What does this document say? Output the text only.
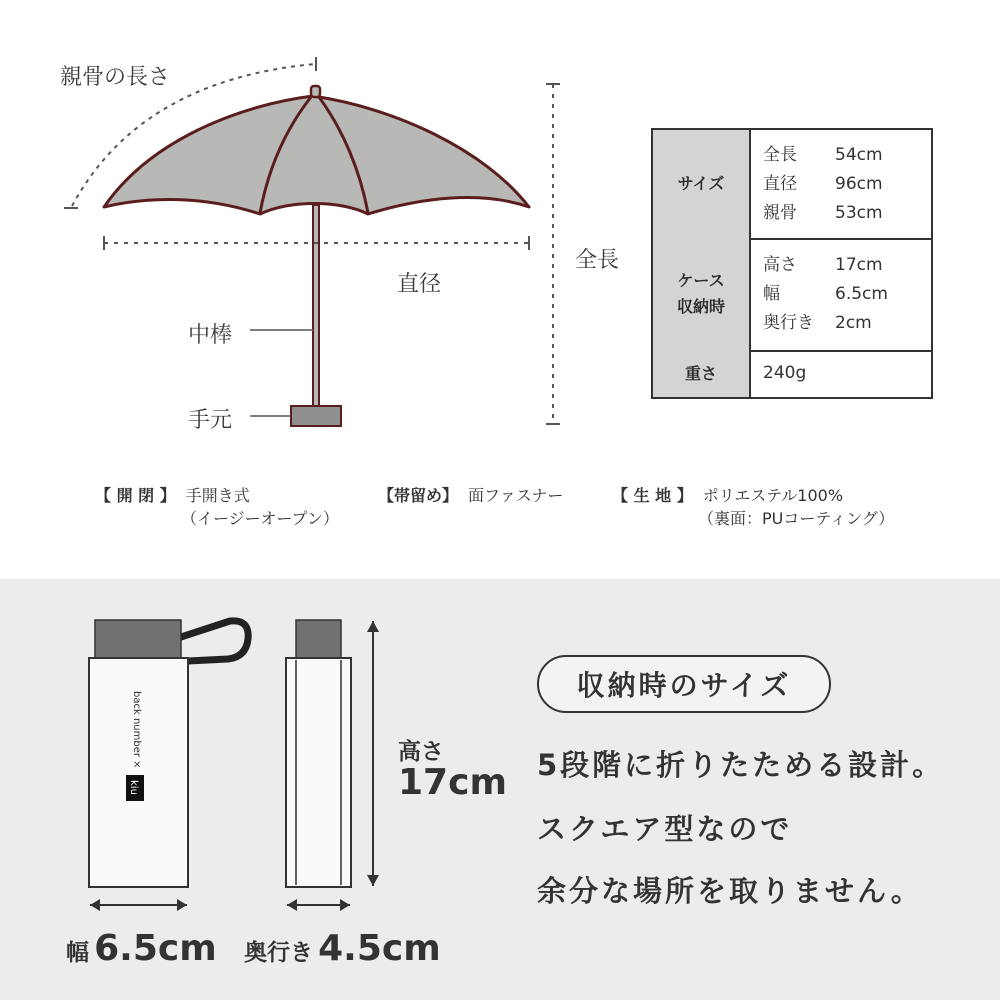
親骨の長さ
全長
直径
中棒
手元
サイズ
全長 54cm
直径 96cm
親骨 53cm
ケース
収納時
高さ 17cm
幅	6.5cm
奥行き 2cm
重さ	240g
【 開 閉 】 手開き式
（イージーオープン）
【帯留め】 面ファスナー	【 生 地 】 ポリエステル100%
（裏面：PUコーティング）
back number ×
kiu
高さ
17cm
幅 6.5cm 奥行き 4.5cm
収納時のサイズ
5段階に折りたためる設計。
スクエア型なので
余分な場所を取りません。
